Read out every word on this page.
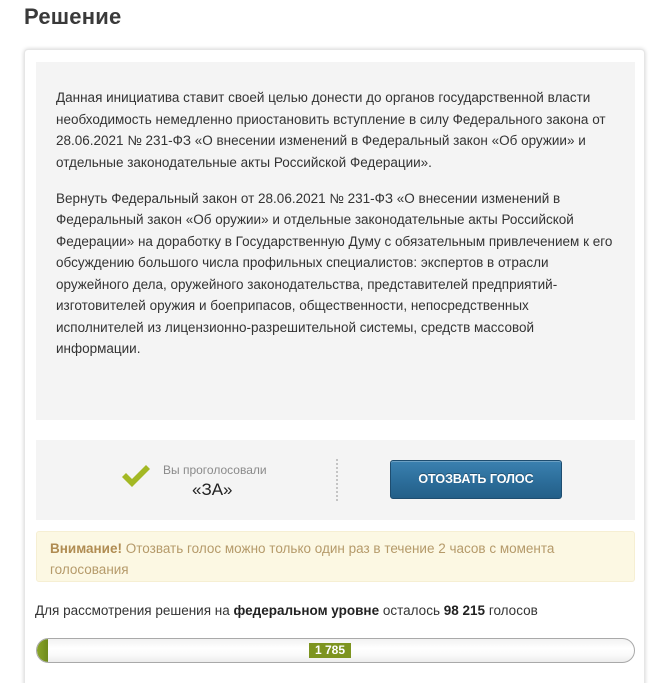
Решение

Данная инициатива ставит своей целью донести до органов государственной власти необходимость немедленно приостановить вступление в силу Федерального закона от 28.06.2021 № 231-ФЗ «О внесении изменений в Федеральный закон «Об оружии» и отдельные законодательные акты Российской Федерации».

Вернуть Федеральный закон от 28.06.2021 № 231-ФЗ «О внесении изменений в Федеральный закон «Об оружии» и отдельные законодательные акты Российской Федерации» на доработку в Государственную Думу с обязательным привлечением к его обсуждению большого числа профильных специалистов: экспертов в отрасли оружейного дела, оружейного законодательства, представителей предприятий-изготовителей оружия и боеприпасов, общественности, непосредственных исполнителей из лицензионно-разрешительной системы, средств массовой информации.

Вы проголосовали
«ЗА»
ОТОЗВАТЬ ГОЛОС
Внимание! Отозвать голос можно только один раз в течение 2 часов с момента голосования
Для рассмотрения решения на федеральном уровне осталось 98 215 голосов
1 785
